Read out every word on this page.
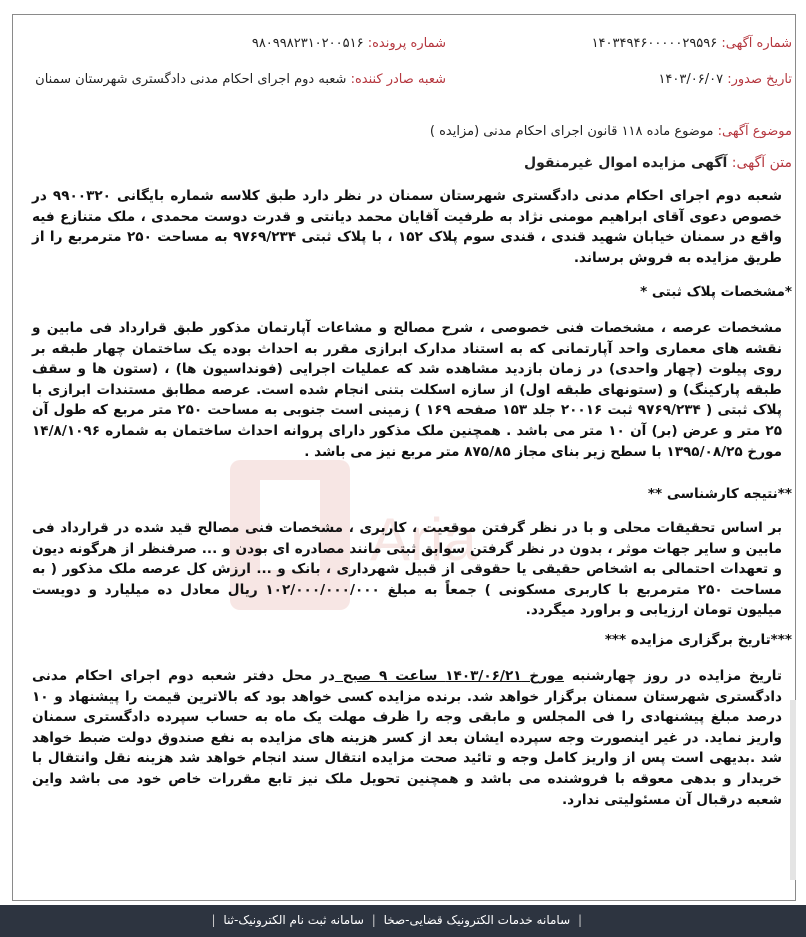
Aria
شماره آگهی: ۱۴۰۳۴۹۴۶۰۰۰۰۰۲۹۵۹۶
شماره پرونده: ۹۸۰۹۹۸۲۳۱۰۲۰۰۵۱۶
تاریخ صدور: ۱۴۰۳/۰۶/۰۷
شعبه صادر کننده: شعبه دوم اجرای احکام مدنی دادگستری شهرستان سمنان
موضوع آگهی: موضوع ماده ۱۱۸ قانون اجرای احکام مدنی (مزایده )
متن آگهی: آگهی مزایده اموال غیرمنقول
شعبه دوم اجرای احکام مدنی دادگستری شهرستان سمنان در نظر دارد طبق کلاسه شماره بایگانی ۹۹۰۰۳۲۰ در خصوص دعوی آقای ابراهیم مومنی نژاد به طرفیت آقایان محمد دیانتی و قدرت دوست محمدی ، ملک متنازع فیه واقع در سمنان خیابان شهید قندی ، قندی سوم پلاک ۱۵۲ ، با پلاک ثبتی ۹۷۶۹/۲۳۴ به مساحت ۲۵۰ مترمربع را از طریق مزایده به فروش برساند.
*مشخصات پلاک ثبتی *
مشخصات عرصه ، مشخصات فنی خصوصی ، شرح مصالح و مشاعات آپارتمان مذکور طبق قرارداد فی مابین و نقشه های معماری واحد آپارتمانی که به استناد مدارک ابرازی مقرر به احداث بوده یک ساختمان چهار طبقه بر روی پیلوت (چهار واحدی) در زمان بازدید مشاهده شد که عملیات اجرایی (فونداسیون ها) ، (ستون ها و سقف طبقه پارکینگ) و (ستونهای طبقه اول) از سازه اسکلت بتنی انجام شده است. عرصه مطابق مستندات ابرازی با پلاک ثبتی ( ۹۷۶۹/۲۳۴ ثبت ۲۰۰۱۶ جلد ۱۵۳ صفحه ۱۶۹ ) زمینی است جنوبی به مساحت ۲۵۰ متر مربع که طول آن ۲۵ متر و عرض (بر) آن ۱۰ متر می باشد . همچنین ملک مذکور دارای پروانه احداث ساختمان به شماره ۱۴/۸/۱۰۹۶ مورخ ۱۳۹۵/۰۸/۲۵ با سطح زیر بنای مجاز ۸۷۵/۸۵ متر مربع نیز می باشد .
**نتیجه کارشناسی **
بر اساس تحقیقات محلی و با در نظر گرفتن موقعیت ، کاربری ، مشخصات فنی مصالح قید شده در قرارداد فی مابین و سایر جهات موثر ، بدون در نظر گرفتن سوابق ثبتی مانند مصادره ای بودن و ... صرفنظر از هرگونه دیون و تعهدات احتمالی به اشخاص حقیقی یا حقوقی از قبیل شهرداری ، بانک و ... ارزش کل عرصه ملک مذکور ( به مساحت ۲۵۰ مترمربع با کاربری مسکونی ) جمعاً به مبلغ ۱۰۲/۰۰۰/۰۰۰/۰۰۰ ریال معادل ده میلیارد و دویست میلیون تومان ارزیابی و براورد میگردد.
***تاریخ برگزاری مزایده ***
تاریخ مزایده در روز چهارشنبه مورخ ۱۴۰۳/۰۶/۲۱ ساعت ۹ صبح در محل دفتر شعبه دوم اجرای احکام مدنی دادگستری شهرستان سمنان برگزار خواهد شد. برنده مزایده کسی خواهد بود که بالاترین قیمت را پیشنهاد و ۱۰ درصد مبلغ پیشنهادی را فی المجلس و مابقی وجه را ظرف مهلت یک ماه به حساب سپرده دادگستری سمنان واریز نماید. در غیر اینصورت وجه سپرده ایشان بعد از کسر هزینه های مزایده به نفع صندوق دولت ضبط خواهد شد .بدیهی است پس از واریز کامل وجه و تائید صحت مزایده انتقال سند انجام خواهد شد هزینه نقل وانتقال با خریدار و بدهی معوقه با فروشنده می باشد و همچنین تحویل ملک نیز تابع مقررات خاص خود می باشد واین شعبه درقبال آن مسئولیتی ندارد.
| سامانه خدمات الکترونیک قضایی-صخا | سامانه ثبت نام الکترونیک-ثنا |
